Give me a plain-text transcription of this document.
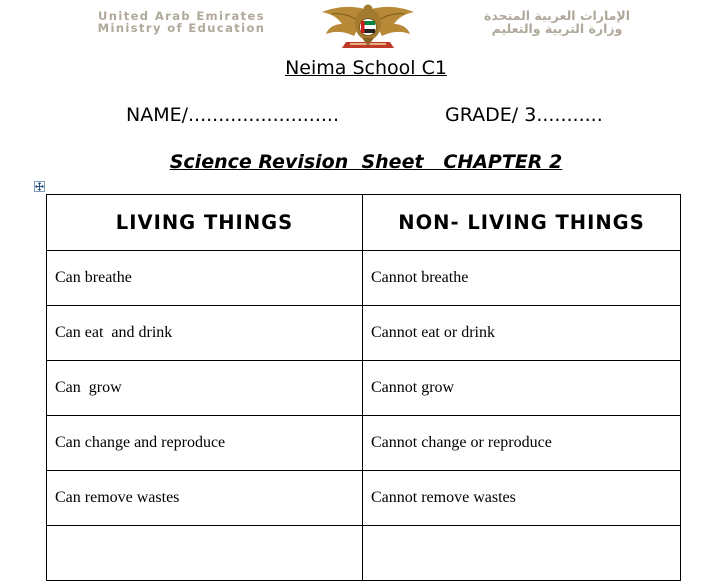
United Arab Emirates
Ministry of Education
الإمارات العربية المتحدة
وزارة التربية والتعليم
Neima School C1
NAME/.........................	GRADE/ 3...........
Science Revision  Sheet   CHAPTER 2
LIVING THINGS	NON- LIVING THINGS
Can breathe	Cannot breathe
Can eat  and drink	Cannot eat or drink
Can  grow	Cannot grow
Can change and reproduce	Cannot change or reproduce
Can remove wastes	Cannot remove wastes
